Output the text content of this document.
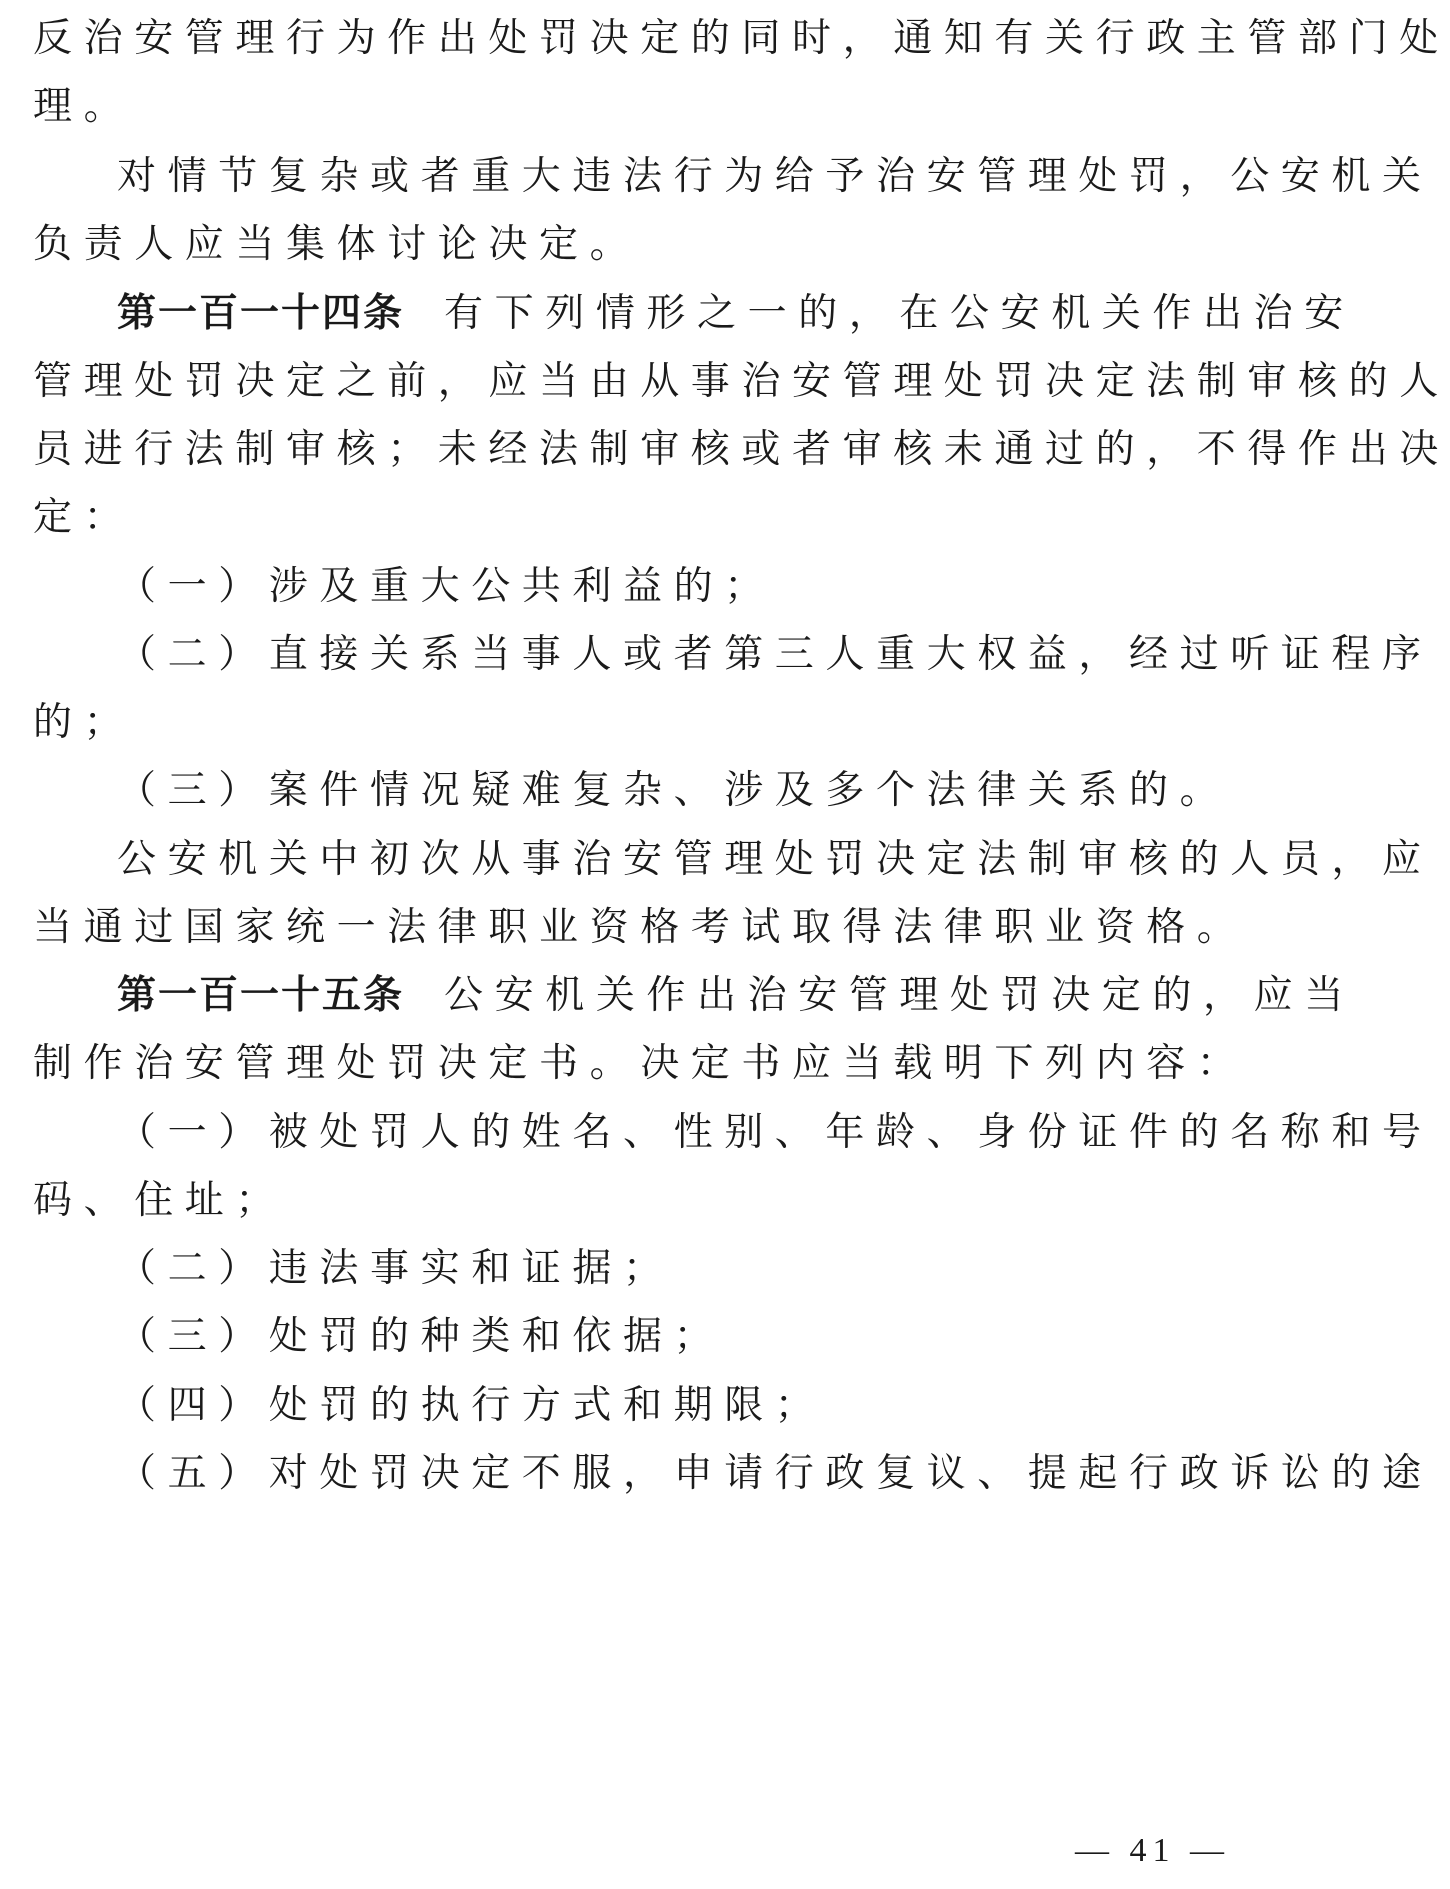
反治安管理行为作出处罚决定的同时，通知有关行政主管部门处
理。
对情节复杂或者重大违法行为给予治安管理处罚，公安机关
负责人应当集体讨论决定。
第一百一十四条 有下列情形之一的，在公安机关作出治安
管理处罚决定之前，应当由从事治安管理处罚决定法制审核的人
员进行法制审核；未经法制审核或者审核未通过的，不得作出决
定：
（一）涉及重大公共利益的；
（二）直接关系当事人或者第三人重大权益，经过听证程序
的；
（三）案件情况疑难复杂、涉及多个法律关系的。
公安机关中初次从事治安管理处罚决定法制审核的人员，应
当通过国家统一法律职业资格考试取得法律职业资格。
第一百一十五条 公安机关作出治安管理处罚决定的，应当
制作治安管理处罚决定书。决定书应当载明下列内容：
（一）被处罚人的姓名、性别、年龄、身份证件的名称和号
码、住址；
（二）违法事实和证据；
（三）处罚的种类和依据；
（四）处罚的执行方式和期限；
（五）对处罚决定不服，申请行政复议、提起行政诉讼的途
— 41 —
